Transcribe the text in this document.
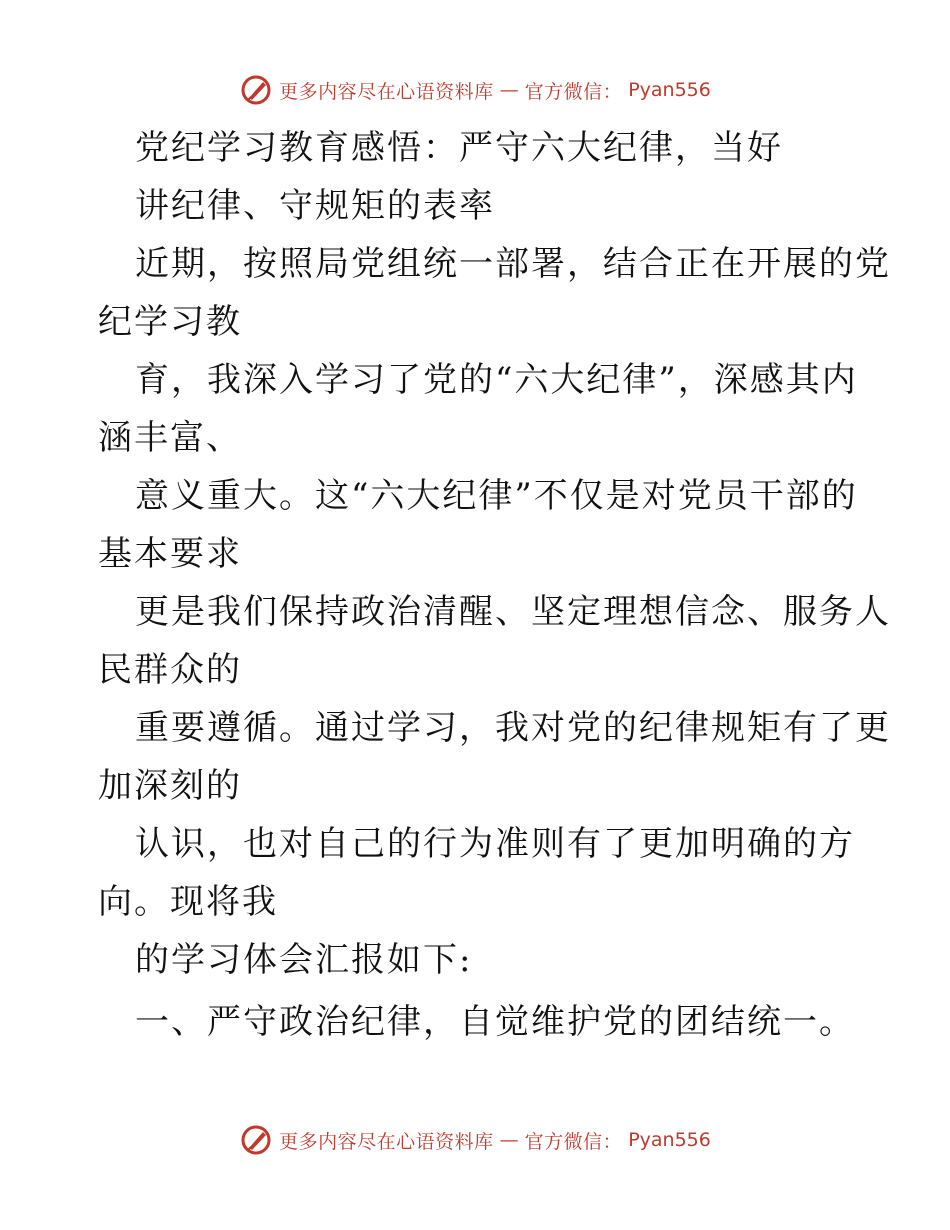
更多内容尽在心语资料库 — 官方微信： Pyan556
党纪学习教育感悟：严守六大纪律，当好
讲纪律、守规矩的表率
近期，按照局党组统一部署，结合正在开展的党
纪学习教
育，我深入学习了党的“六大纪律”，深感其内
涵丰富、
意义重大。这“六大纪律”不仅是对党员干部的
基本要求
更是我们保持政治清醒、坚定理想信念、服务人
民群众的
重要遵循。通过学习，我对党的纪律规矩有了更
加深刻的
认识，也对自己的行为准则有了更加明确的方
向。现将我
的学习体会汇报如下:
一、严守政治纪律，自觉维护党的团结统一。
更多内容尽在心语资料库 — 官方微信： Pyan556
